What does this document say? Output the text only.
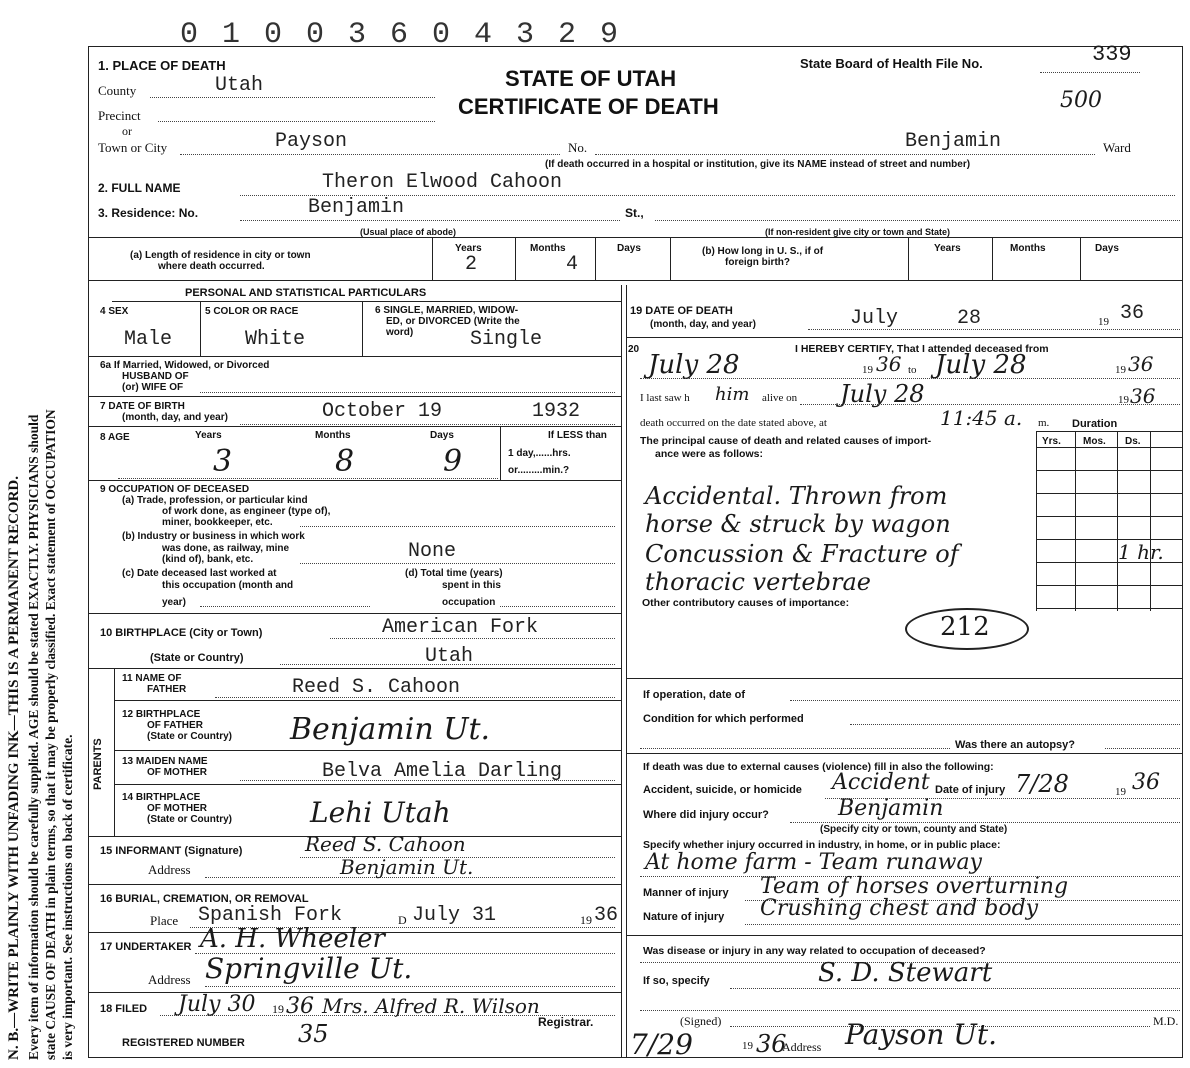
N. B.—WRITE PLAINLY WITH UNFADING INK—THIS IS A PERMANENT RECORD. Every item of information should be carefully supplied. AGE should be stated EXACTLY. PHYSICIANS should state CAUSE OF DEATH in plain terms, so that it may be properly classified. Exact statement of OCCUPATION is very important. See instructions on back of certificate.
0 1 0 0 3 6 0 4 3 2 9
STATE OF UTAH
CERTIFICATE OF DEATH
State Board of Health File No.	339
500
1. PLACE OF DEATH
County	Utah
Precinct
or
Town or City	Payson	No.	Benjamin	Ward
(If death occurred in a hospital or institution, give its NAME instead of street and number)
2. FULL NAME	Theron Elwood Cahoon
3. Residence: No.	Benjamin	St.,
(Usual place of abode)	(If non-resident give city or town and State)
(a) Length of residence in city or town
where death occurred.
Years	Months	Days
2	4
(b) How long in U. S., if of
foreign birth?
Years	Months	Days
PERSONAL AND STATISTICAL PARTICULARS
4 SEX	5 COLOR OR RACE	6 SINGLE, MARRIED, WIDOW-
ED, or DIVORCED (Write the
word)
Male	White	Single
6a If Married, Widowed, or Divorced
HUSBAND OF
(or) WIFE OF
7 DATE OF BIRTH
(month, day, and year)	October 19	1932
8 AGE	Years	Months	Days
3	8	9
If LESS than
1 day,......hrs.
or.........min.?
9 OCCUPATION OF DECEASED
(a) Trade, profession, or particular kind
of work done, as engineer (type of),
miner, bookkeeper, etc.
(b) Industry or business in which work
was done, as railway, mine
(kind of), bank, etc.	None
(c) Date deceased last worked at
this occupation (month and
year)
(d) Total time (years)
spent in this
occupation
10 BIRTHPLACE (City or Town)	American Fork
(State or Country)	Utah
PARENTS
11 NAME OF
FATHER	Reed S. Cahoon
12 BIRTHPLACE
OF FATHER
(State or Country) Benjamin Ut.
13 MAIDEN NAME
OF MOTHER	Belva Amelia Darling
14 BIRTHPLACE
OF MOTHER
(State or Country)	Lehi Utah
15 INFORMANT (Signature)	Reed S. Cahoon
Address	Benjamin Ut.
16 BURIAL, CREMATION, OR REMOVAL
Place Spanish Fork	D July 31	19 36
17 UNDERTAKER A. H. Wheeler
Address Springville Ut.
18 FILED July 30 19 36 Mrs. Alfred R. Wilson
Registrar.
REGISTERED NUMBER 35
19 DATE OF DEATH
(month, day, and year)	July	28	19 36
20	I HEREBY CERTIFY, That I attended deceased from
July 28	19 36 to July 28	19 36
I last saw h him alive on July 28	19 36
death occurred on the date stated above, at	11:45 a. m. Duration
The principal cause of death and related causes of import-
ance were as follows:
Yrs. Mos. Ds.
Accidental. Thrown from
horse & struck by wagon
Concussion & Fracture of
thoracic vertebrae
1 hr.
Other contributory causes of importance:
212
If operation, date of
Condition for which performed
Was there an autopsy?
If death was due to external causes (violence) fill in also the following:
Accident, suicide, or homicide Accident Date of injury 7/28	19 36
Where did injury occur?	Benjamin
(Specify city or town, county and State)
Specify whether injury occurred in industry, in home, or in public place:
At home farm - Team runaway
Manner of injury Team of horses overturning
Nature of injury Crushing chest and body
Was disease or injury in any way related to occupation of deceased?
If so, specify	S. D. Stewart
(Signed)	M.D.
7/29	19 36
Address Payson Ut.
